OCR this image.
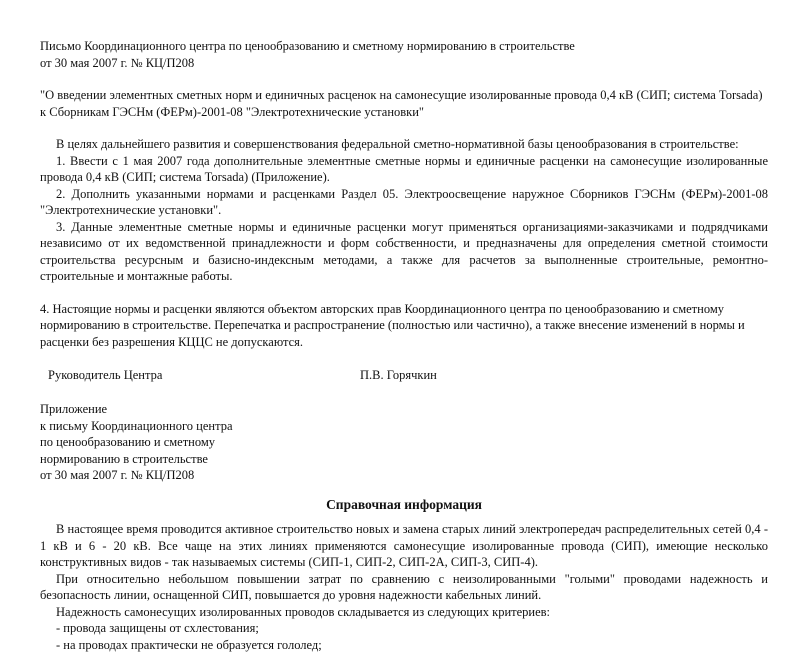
Письмо Координационного центра по ценообразованию и сметному нормированию в строительстве

от 30 мая 2007 г. № КЦ/П208

"О введении элементных сметных норм и единичных расценок на самонесущие изолированные провода 0,4 кВ (СИП; система Torsada) к Сборникам ГЭСНм (ФЕРм)-2001-08 "Электротехнические установки"

В целях дальнейшего развития и совершенствования федеральной сметно-нормативной базы ценообразования в строительстве:

1. Ввести с 1 мая 2007 года дополнительные элементные сметные нормы и единичные расценки на самонесущие изолированные провода 0,4 кВ (СИП; система Torsada) (Приложение).

2. Дополнить указанными нормами и расценками Раздел 05. Электроосвещение наружное Сборников ГЭСНм (ФЕРм)-2001-08 "Электротехнические установки".

3. Данные элементные сметные нормы и единичные расценки могут применяться организациями-заказчиками и подрядчиками независимо от их ведомственной принадлежности и форм собственности, и предназначены для определения сметной стоимости строительства ресурсным и базисно-индексным методами, а также для расчетов за выполненные строительные, ремонтно-строительные и монтажные работы.

4. Настоящие нормы и расценки являются объектом авторских прав Координационного центра по ценообразованию и сметному нормированию в строительстве. Перепечатка и распространение (полностью или частично), а также внесение изменений в нормы и расценки без разрешения КЦЦС не допускаются.

Руководитель Центра	П.В. Горячкин

Приложение

к письму Координационного центра

по ценообразованию и сметному

нормированию в строительстве

от 30 мая 2007 г. № КЦ/П208

Справочная информация

В настоящее время проводится активное строительство новых и замена старых линий электропередач распределительных сетей 0,4 - 1 кВ и 6 - 20 кВ. Все чаще на этих линиях применяются самонесущие изолированные провода (СИП), имеющие несколько конструктивных видов - так называемых системы (СИП-1, СИП-2, СИП-2А, СИП-3, СИП-4).

При относительно небольшом повышении затрат по сравнению с неизолированными "голыми" проводами надежность и безопасность линии, оснащенной СИП, повышается до уровня надежности кабельных линий.

Надежность самонесущих изолированных проводов складывается из следующих критериев:

- провода защищены от схлестования;

- на проводах практически не образуется гололед;
